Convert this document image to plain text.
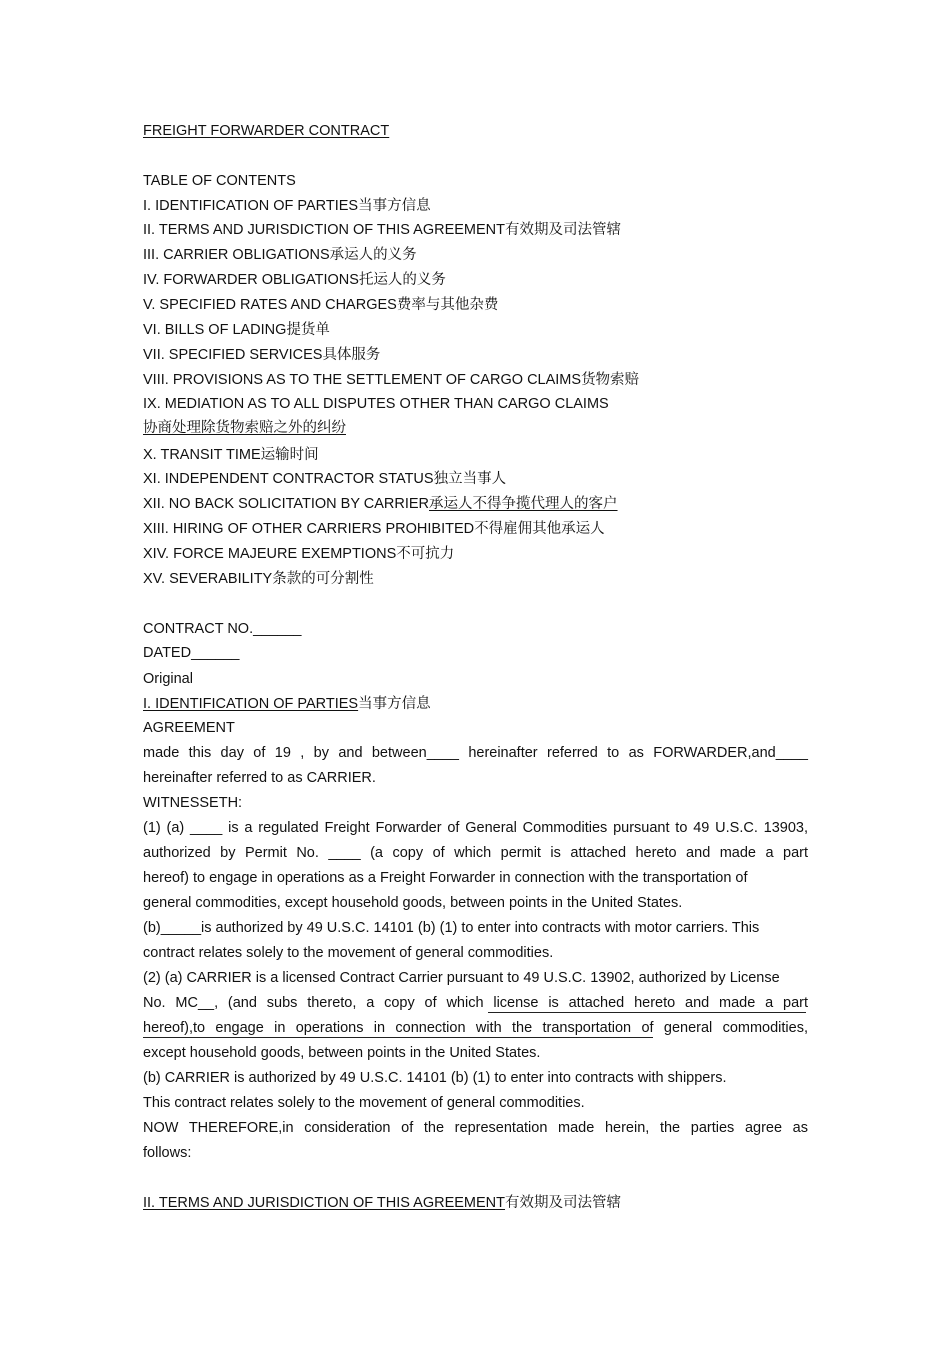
FREIGHT FORWARDER CONTRACT
TABLE OF CONTENTS
I. IDENTIFICATION OF PARTIES当事方信息
II. TERMS AND JURISDICTION OF THIS AGREEMENT有效期及司法管辖
III. CARRIER OBLIGATIONS承运人的义务
IV. FORWARDER OBLIGATIONS托运人的义务
V. SPECIFIED RATES AND CHARGES费率与其他杂费
VI. BILLS OF LADING提货单
VII. SPECIFIED SERVICES具体服务
VIII. PROVISIONS AS TO THE SETTLEMENT OF CARGO CLAIMS货物索赔
IX. MEDIATION AS TO ALL DISPUTES OTHER THAN CARGO CLAIMS
协商处理除货物索赔之外的纠纷
X. TRANSIT TIME运输时间
XI. INDEPENDENT CONTRACTOR STATUS独立当事人
XII. NO BACK SOLICITATION BY CARRIER承运人不得争揽代理人的客户
XIII. HIRING OF OTHER CARRIERS PROHIBITED不得雇佣其他承运人
XIV. FORCE MAJEURE EXEMPTIONS不可抗力
XV. SEVERABILITY条款的可分割性
CONTRACT NO.______
DATED______
Original
I. IDENTIFICATION OF PARTIES当事方信息
AGREEMENT
made this day of 19 , by and between____ hereinafter referred to as FORWARDER,and____
hereinafter referred to as CARRIER.
WITNESSETH:
(1) (a) ____ is a regulated Freight Forwarder of General Commodities pursuant to 49 U.S.C. 13903,
authorized by Permit No. ____ (a copy of which permit is attached hereto and made a part
hereof) to engage in operations as a Freight Forwarder in connection with the transportation of
general commodities, except household goods, between points in the United States.
(b)_____is authorized by 49 U.S.C. 14101 (b) (1) to enter into contracts with motor carriers. This
contract relates solely to the movement of general commodities.
(2) (a) CARRIER is a licensed Contract Carrier pursuant to 49 U.S.C. 13902, authorized by License
No. MC__, (and subs thereto, a copy of which license is attached hereto and made a part
hereof),to engage in operations in connection with the transportation of general commodities,
except household goods, between points in the United States.
(b) CARRIER is authorized by 49 U.S.C. 14101 (b) (1) to enter into contracts with shippers.
This contract relates solely to the movement of general commodities.
NOW THEREFORE,in consideration of the representation made herein, the parties agree as
follows:
II. TERMS AND JURISDICTION OF THIS AGREEMENT有效期及司法管辖
